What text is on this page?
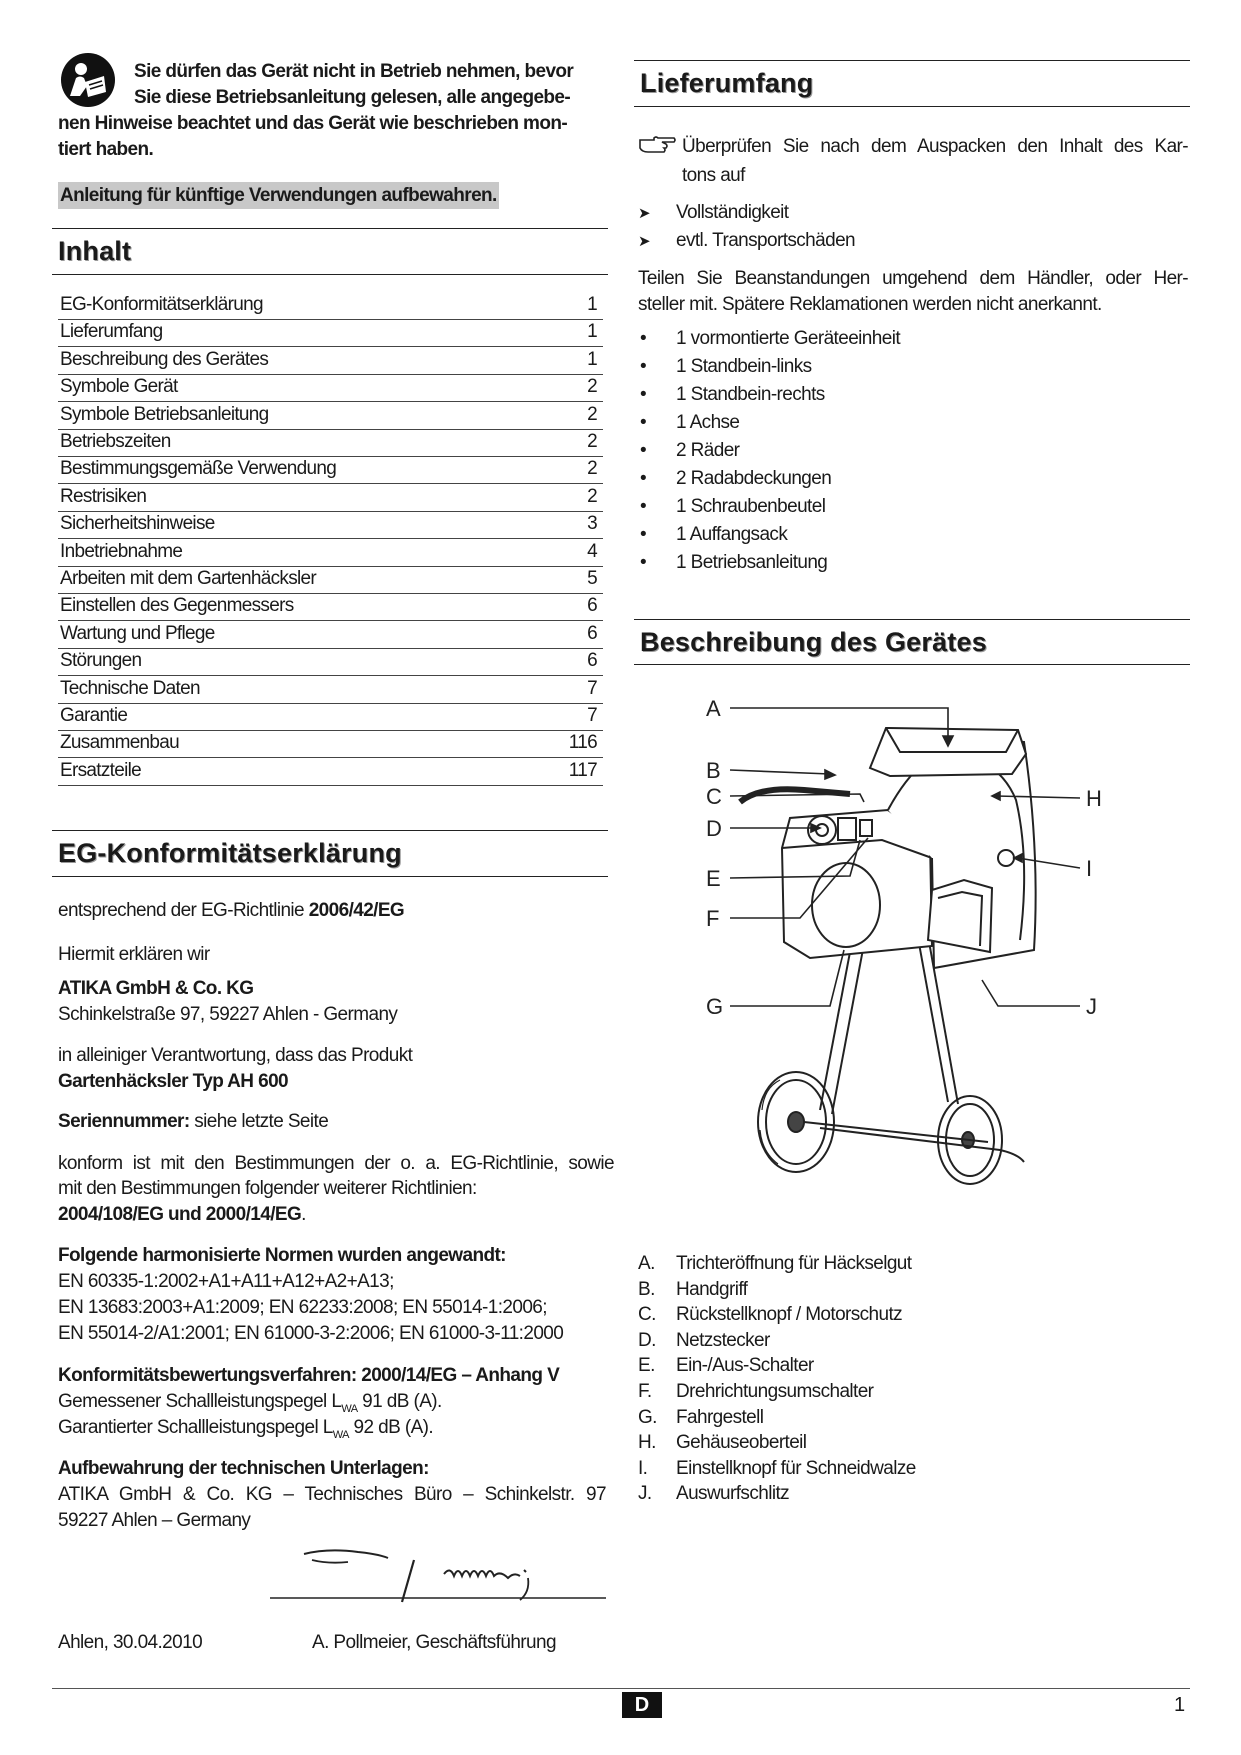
Sie dürfen das Gerät nicht in Betrieb nehmen, bevor
Sie diese Betriebsanleitung gelesen, alle angegebe-
nen Hinweise beachtet und das Gerät wie beschrieben mon-
tiert haben.
Anleitung für künftige Verwendungen aufbewahren.
Inhalt
EG-Konformitätserklärung	1
Lieferumfang	1
Beschreibung des Gerätes	1
Symbole Gerät	2
Symbole Betriebsanleitung	2
Betriebszeiten	2
Bestimmungsgemäße Verwendung	2
Restrisiken	2
Sicherheitshinweise	3
Inbetriebnahme	4
Arbeiten mit dem Gartenhäcksler	5
Einstellen des Gegenmessers	6
Wartung und Pflege	6
Störungen	6
Technische Daten	7
Garantie	7
Zusammenbau	116
Ersatzteile	117
EG-Konformitätserklärung
entsprechend der EG-Richtlinie 2006/42/EG
Hiermit erklären wir
ATIKA GmbH & Co. KG
Schinkelstraße 97, 59227 Ahlen - Germany
in alleiniger Verantwortung, dass das Produkt
Gartenhäcksler Typ AH 600
Seriennummer: siehe letzte Seite
konform ist mit den Bestimmungen der o. a. EG-Richtlinie, sowie
mit den Bestimmungen folgender weiterer Richtlinien:
2004/108/EG und 2000/14/EG.
Folgende harmonisierte Normen wurden angewandt:
EN 60335-1:2002+A1+A11+A12+A2+A13;
EN 13683:2003+A1:2009; EN 62233:2008; EN 55014-1:2006;
EN 55014-2/A1:2001; EN 61000-3-2:2006; EN 61000-3-11:2000
Konformitätsbewertungsverfahren: 2000/14/EG – Anhang V
Gemessener Schallleistungspegel $L_{WA}$ 91 dB (A).
Garantierter Schallleistungspegel $L_{WA}$ 92 dB (A).
Aufbewahrung der technischen Unterlagen:
ATIKA GmbH & Co. KG – Technisches Büro – Schinkelstr. 97
59227 Ahlen – Germany
Ahlen, 30.04.2010	A. Pollmeier, Geschäftsführung
Lieferumfang
Überprüfen Sie nach dem Auspacken den Inhalt des Kar-
tons auf
➤ Vollständigkeit
➤ evtl. Transportschäden
Teilen Sie Beanstandungen umgehend dem Händler, oder Her-
steller mit. Spätere Reklamationen werden nicht anerkannt.
• 1 vormontierte Geräteeinheit
• 1 Standbein-links
• 1 Standbein-rechts
• 1 Achse
• 2 Räder
• 2 Radabdeckungen
• 1 Schraubenbeutel
• 1 Auffangsack
• 1 Betriebsanleitung
Beschreibung des Gerätes
A
B
C
D
E
F
G
H
I
J
A. Trichteröffnung für Häckselgut
B. Handgriff
C. Rückstellknopf / Motorschutz
D. Netzstecker
E. Ein-/Aus-Schalter
F. Drehrichtungsumschalter
G. Fahrgestell
H. Gehäuseoberteil
I. Einstellknopf für Schneidwalze
J. Auswurfschlitz
D	1
